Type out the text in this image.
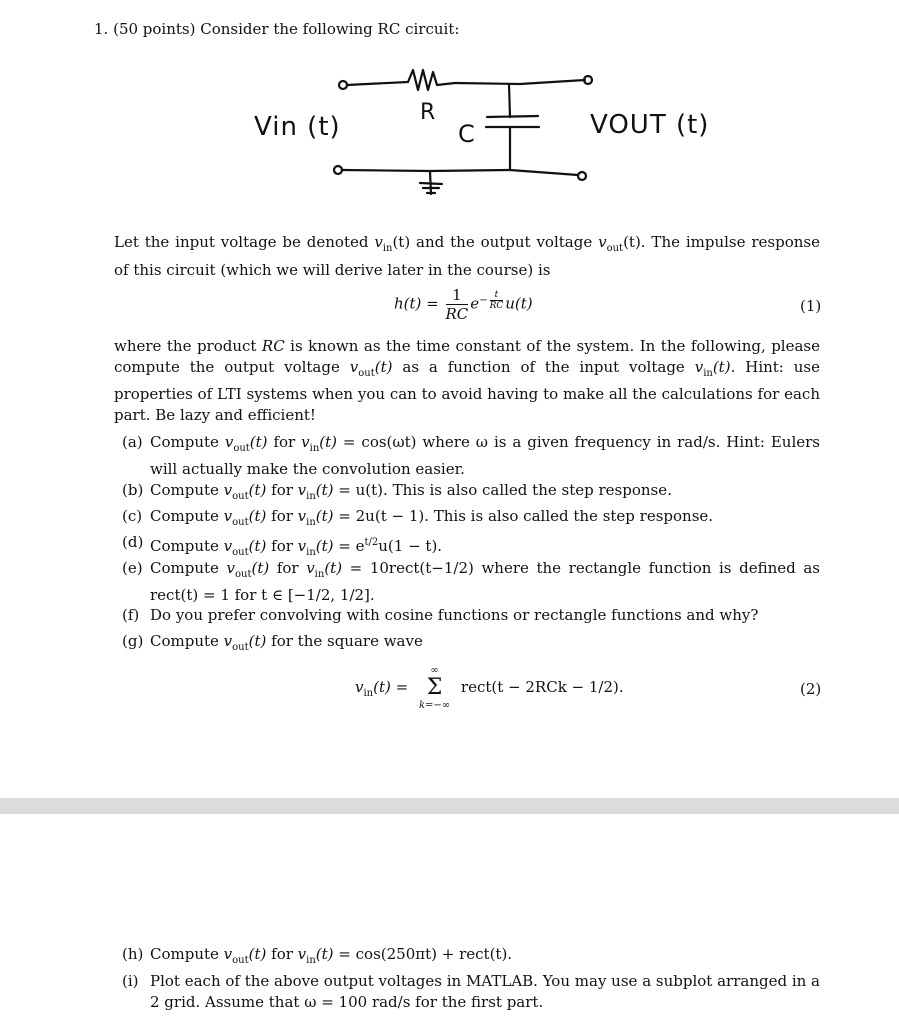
1. (50 points) Consider the following RC circuit:
Vin (t)	R
C	VOUT (t)
Let the input voltage be denoted $v_{in}(t)$ and the output voltage $v_{out}(t)$. The impulse response of this circuit (which we will derive later in the course) is
$h(t) = \frac{1}{RC} e^{- \frac{t}{RC}}$ u(t)	(1)
where the product RC is known as the time constant of the system. In the following, please compute the output voltage $v_{out}(t)$ as a function of the input voltage $v_{in}(t)$. Hint: use properties of LTI systems when you can to avoid having to make all the calculations for each part. Be lazy and efficient!
(a) Compute $v_{out}(t)$ for $v_{in}(t) = \cos(\omega t)$ where ω is a given frequency in rad/s. Hint: Eulers will actually make the convolution easier.
(b) Compute $v_{out}(t)$ for $v_{in}(t) = u(t)$. This is also called the step response.
(c) Compute $v_{out}(t)$ for $v_{in}(t) = 2u(t - 1)$. This is also called the step response.
(d) Compute $v_{out}(t)$ for $v_{in}(t) = e^{t/2}u(1 - t)$.
(e) Compute $v_{out}(t)$ for $v_{in}(t)$ = 10rect(t−1/2) where the rectangle function is defined as rect(t) = 1 for t ∈ [−1/2, 1/2].
(f) Do you prefer convolving with cosine functions or rectangle functions and why?
(g) Compute $v_{out}(t)$ for the square wave
$v_{in}(t)$ =
∞
Σ
k=−∞
rect(t − 2RCk − 1/2).	(2)
(h) Compute $v_{out}(t)$ for $v_{in}(t) = \cos(250\pi t)$ + rect(t).
(i) Plot each of the above output voltages in MATLAB. You may use a subplot arranged in a 2 grid. Assume that ω = 100 rad/s for the first part.
